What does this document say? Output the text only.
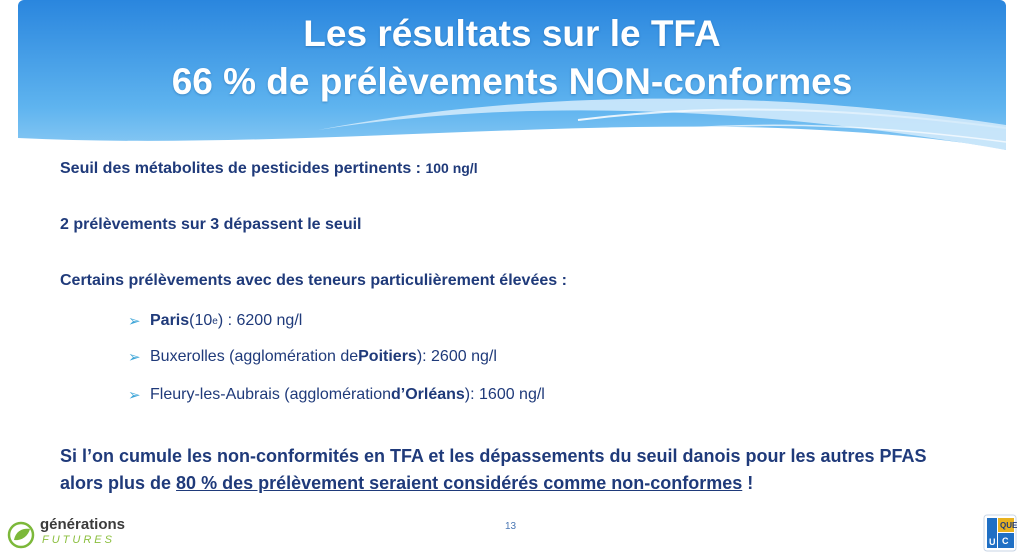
Les résultats sur le TFA
66 % de prélèvements NON-conformes
Seuil des métabolites de pesticides pertinents : 100 ng/l
2 prélèvements sur 3 dépassent le seuil
Certains prélèvements avec des teneurs particulièrement élevées :
➢ Paris (10 e ) : 6200 ng/l
➢ Buxerolles (agglomération de Poitiers ) : 2600 ng/l
➢ Fleury-les-Aubrais (agglomération d’Orléans ) : 1600 ng/l
Si l’on cumule les non-conformités en TFA et les dépassements du seuil danois pour les autres PFAS alors plus de 80 % des prélèvement seraient considérés comme non-conformes !
13
générations
FUTURES	U
QUE
C
